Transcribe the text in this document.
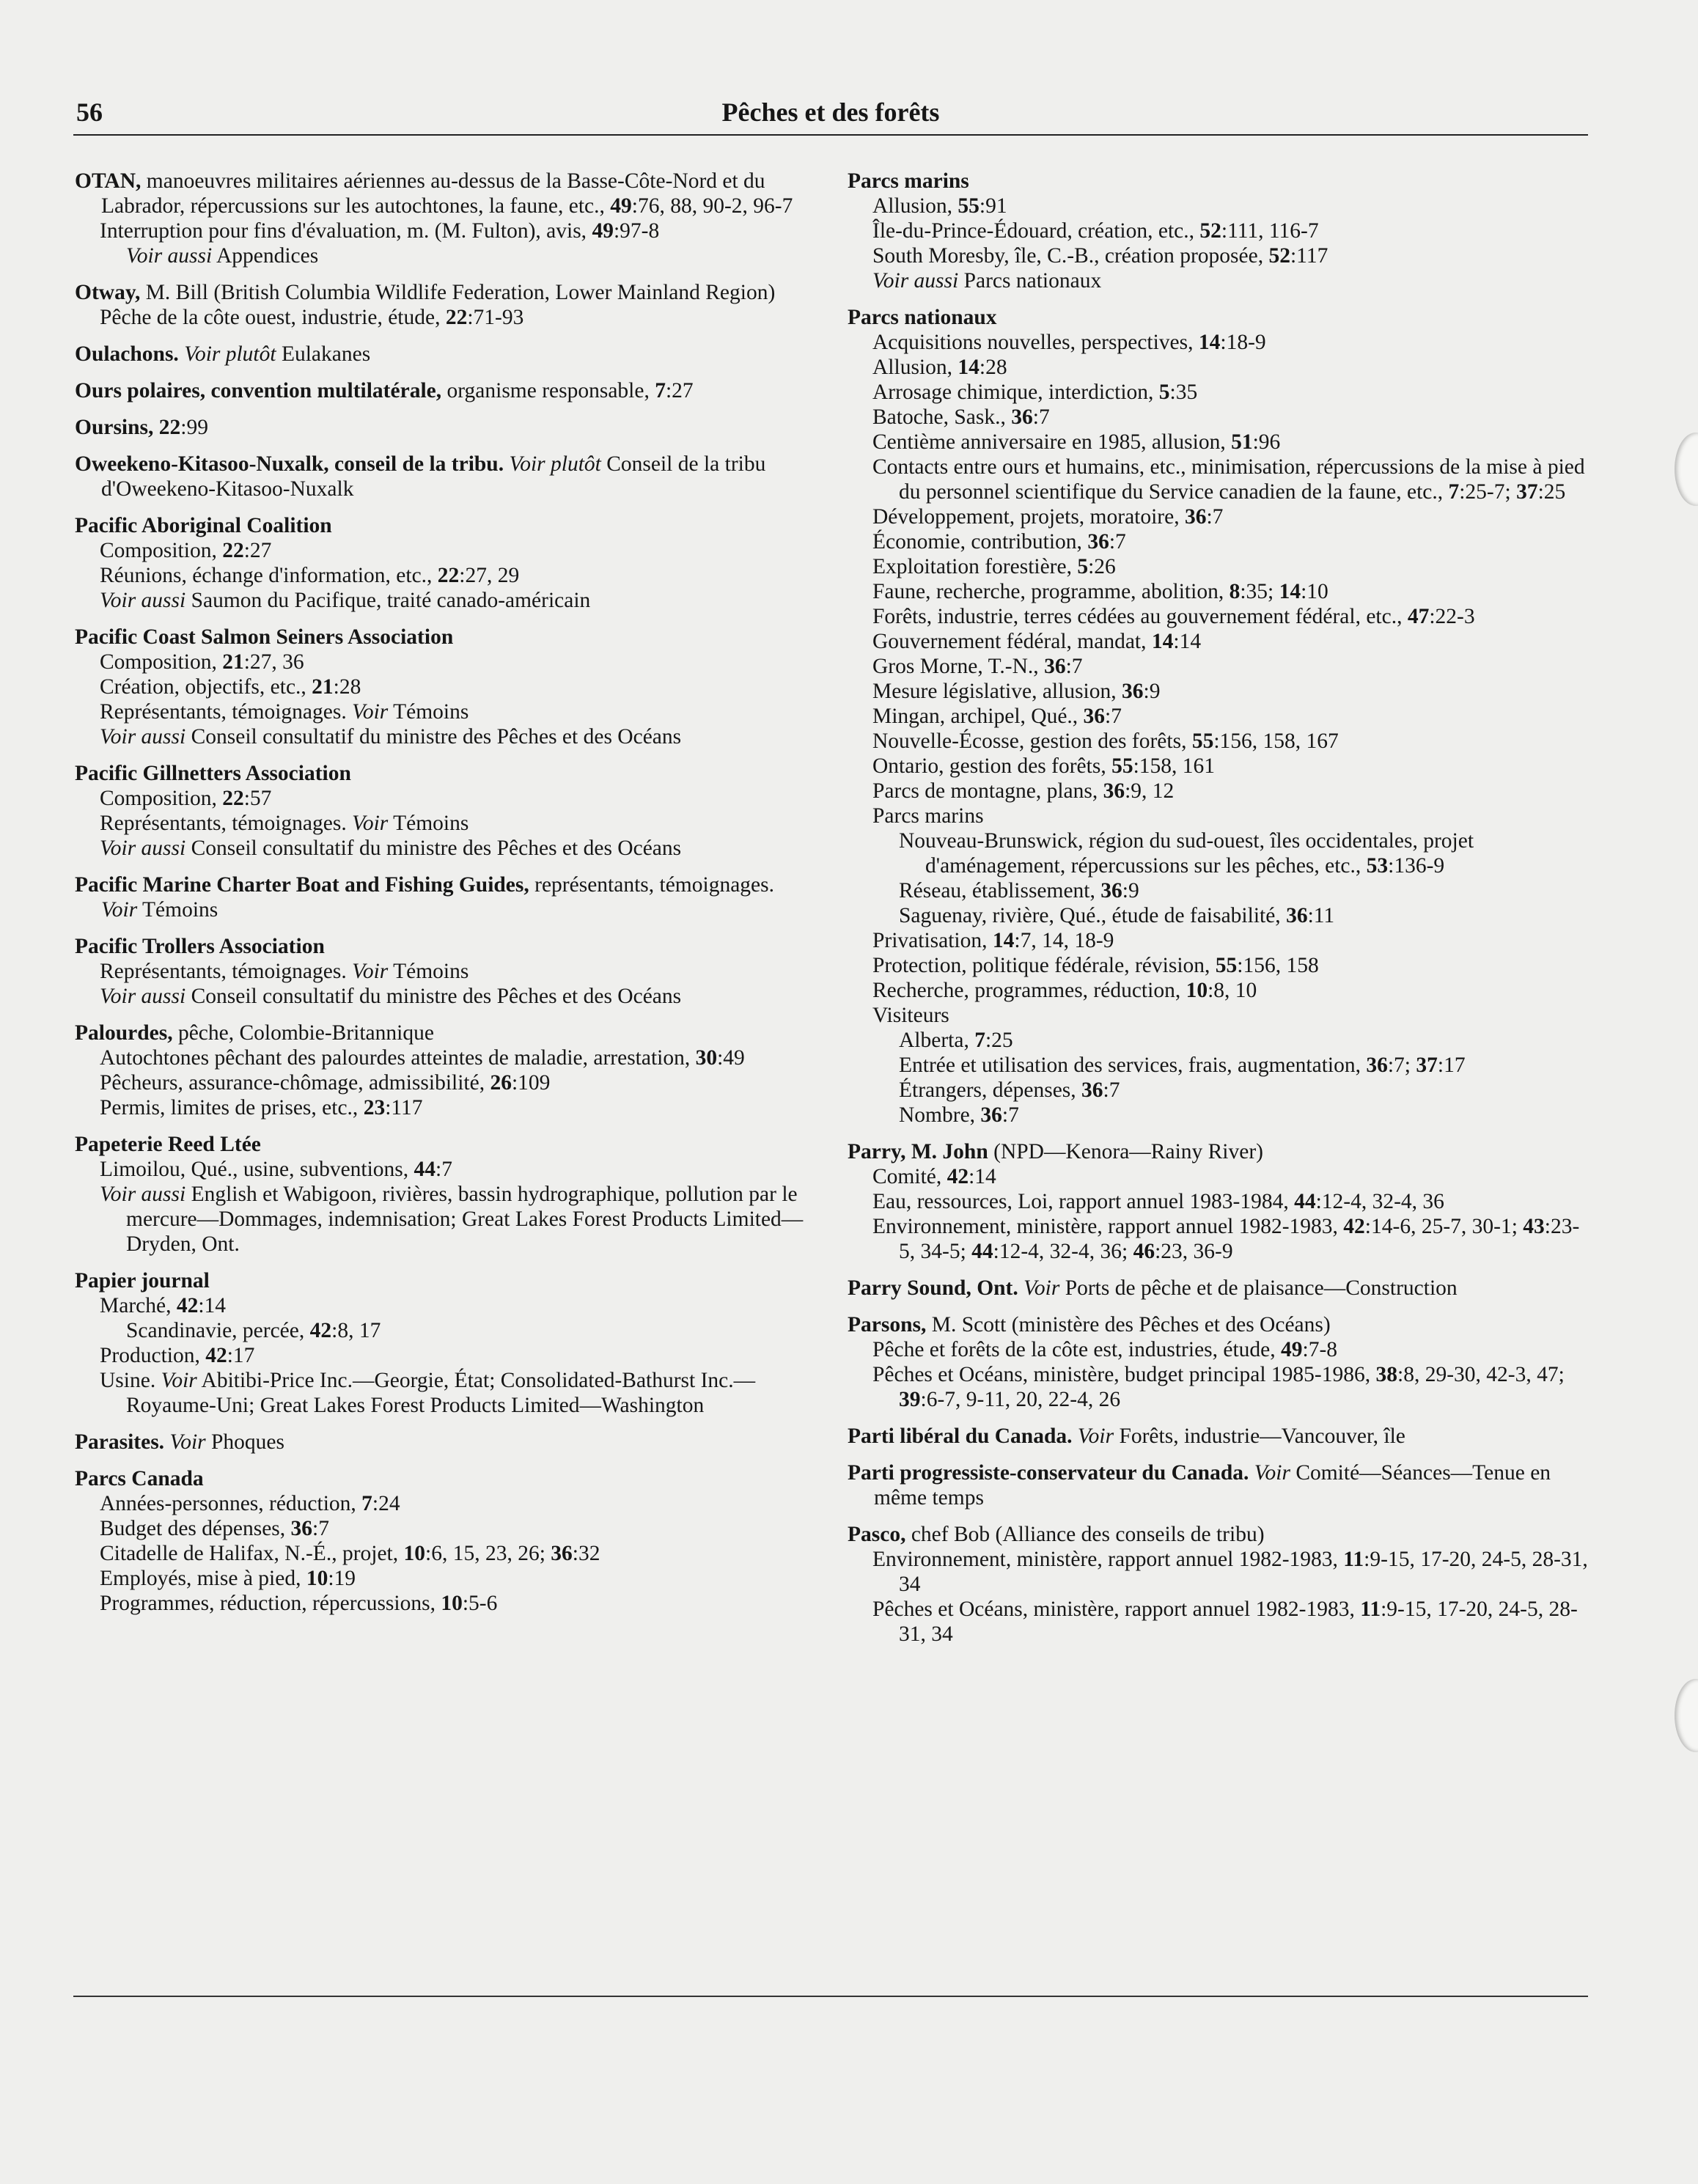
56	Pêches et des forêts
OTAN, manoeuvres militaires aériennes au-dessus de la Basse-Côte-Nord et du Labrador, répercussions sur les autochtones, la faune, etc., 49:76, 88, 90-2, 96-7
Interruption pour fins d'évaluation, m. (M. Fulton), avis, 49:97-8
Voir aussi Appendices
Otway, M. Bill (British Columbia Wildlife Federation, Lower Mainland Region)
Pêche de la côte ouest, industrie, étude, 22:71-93
Oulachons. Voir plutôt Eulakanes
Ours polaires, convention multilatérale, organisme responsable, 7:27
Oursins, 22:99
Oweekeno-Kitasoo-Nuxalk, conseil de la tribu. Voir plutôt Conseil de la tribu d'Oweekeno-Kitasoo-Nuxalk
Pacific Aboriginal Coalition
Composition, 22:27
Réunions, échange d'information, etc., 22:27, 29
Voir aussi Saumon du Pacifique, traité canado-américain
Pacific Coast Salmon Seiners Association
Composition, 21:27, 36
Création, objectifs, etc., 21:28
Représentants, témoignages. Voir Témoins
Voir aussi Conseil consultatif du ministre des Pêches et des Océans
Pacific Gillnetters Association
Composition, 22:57
Représentants, témoignages. Voir Témoins
Voir aussi Conseil consultatif du ministre des Pêches et des Océans
Pacific Marine Charter Boat and Fishing Guides, représentants, témoignages. Voir Témoins
Pacific Trollers Association
Représentants, témoignages. Voir Témoins
Voir aussi Conseil consultatif du ministre des Pêches et des Océans
Palourdes, pêche, Colombie-Britannique
Autochtones pêchant des palourdes atteintes de maladie, arrestation, 30:49
Pêcheurs, assurance-chômage, admissibilité, 26:109
Permis, limites de prises, etc., 23:117
Papeterie Reed Ltée
Limoilou, Qué., usine, subventions, 44:7
Voir aussi English et Wabigoon, rivières, bassin hydrographique, pollution par le mercure—Dommages, indemnisation; Great Lakes Forest Products Limited—Dryden, Ont.
Papier journal
Marché, 42:14
Scandinavie, percée, 42:8, 17
Production, 42:17
Usine. Voir Abitibi-Price Inc.—Georgie, État; Consolidated-Bathurst Inc.—Royaume-Uni; Great Lakes Forest Products Limited—Washington
Parasites. Voir Phoques
Parcs Canada
Années-personnes, réduction, 7:24
Budget des dépenses, 36:7
Citadelle de Halifax, N.-É., projet, 10:6, 15, 23, 26; 36:32
Employés, mise à pied, 10:19
Programmes, réduction, répercussions, 10:5-6
Parcs marins
Allusion, 55:91
Île-du-Prince-Édouard, création, etc., 52:111, 116-7
South Moresby, île, C.-B., création proposée, 52:117
Voir aussi Parcs nationaux
Parcs nationaux
Acquisitions nouvelles, perspectives, 14:18-9
Allusion, 14:28
Arrosage chimique, interdiction, 5:35
Batoche, Sask., 36:7
Centième anniversaire en 1985, allusion, 51:96
Contacts entre ours et humains, etc., minimisation, répercussions de la mise à pied du personnel scientifique du Service canadien de la faune, etc., 7:25-7; 37:25
Développement, projets, moratoire, 36:7
Économie, contribution, 36:7
Exploitation forestière, 5:26
Faune, recherche, programme, abolition, 8:35; 14:10
Forêts, industrie, terres cédées au gouvernement fédéral, etc., 47:22-3
Gouvernement fédéral, mandat, 14:14
Gros Morne, T.-N., 36:7
Mesure législative, allusion, 36:9
Mingan, archipel, Qué., 36:7
Nouvelle-Écosse, gestion des forêts, 55:156, 158, 167
Ontario, gestion des forêts, 55:158, 161
Parcs de montagne, plans, 36:9, 12
Parcs marins
Nouveau-Brunswick, région du sud-ouest, îles occidentales, projet d'aménagement, répercussions sur les pêches, etc., 53:136-9
Réseau, établissement, 36:9
Saguenay, rivière, Qué., étude de faisabilité, 36:11
Privatisation, 14:7, 14, 18-9
Protection, politique fédérale, révision, 55:156, 158
Recherche, programmes, réduction, 10:8, 10
Visiteurs
Alberta, 7:25
Entrée et utilisation des services, frais, augmentation, 36:7; 37:17
Étrangers, dépenses, 36:7
Nombre, 36:7
Parry, M. John (NPD—Kenora—Rainy River)
Comité, 42:14
Eau, ressources, Loi, rapport annuel 1983-1984, 44:12-4, 32-4, 36
Environnement, ministère, rapport annuel 1982-1983, 42:14-6, 25-7, 30-1; 43:23-5, 34-5; 44:12-4, 32-4, 36; 46:23, 36-9
Parry Sound, Ont. Voir Ports de pêche et de plaisance—Construction
Parsons, M. Scott (ministère des Pêches et des Océans)
Pêche et forêts de la côte est, industries, étude, 49:7-8
Pêches et Océans, ministère, budget principal 1985-1986, 38:8, 29-30, 42-3, 47; 39:6-7, 9-11, 20, 22-4, 26
Parti libéral du Canada. Voir Forêts, industrie—Vancouver, île
Parti progressiste-conservateur du Canada. Voir Comité—Séances—Tenue en même temps
Pasco, chef Bob (Alliance des conseils de tribu)
Environnement, ministère, rapport annuel 1982-1983, 11:9-15, 17-20, 24-5, 28-31, 34
Pêches et Océans, ministère, rapport annuel 1982-1983, 11:9-15, 17-20, 24-5, 28-31, 34
